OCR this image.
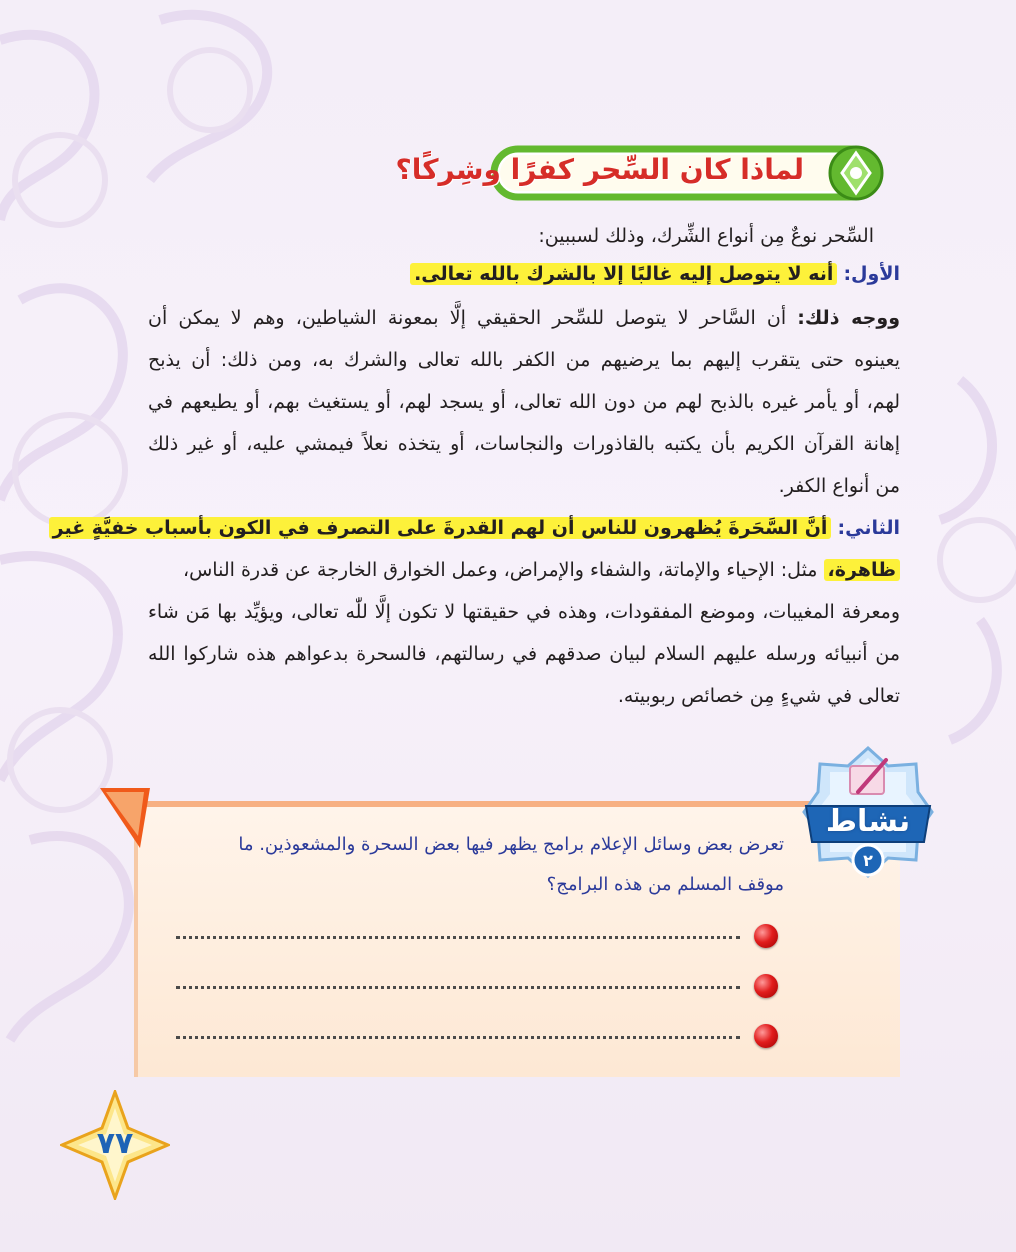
لماذا كان السِّحر كفرًا وشِركًا؟
السِّحر نوعٌ مِن أنواع الشِّرك، وذلك لسببين:
الأول: أنه لا يتوصل إليه غالبًا إلا بالشرك بالله تعالى.
ووجه ذلك: أن السَّاحر لا يتوصل للسِّحر الحقيقي إلَّا بمعونة الشياطين، وهم لا يمكن أن
يعينوه حتى يتقرب إليهم بما يرضيهم من الكفر بالله تعالى والشرك به، ومن ذلك: أن يذبح
لهم، أو يأمر غيره بالذبح لهم من دون الله تعالى، أو يسجد لهم، أو يستغيث بهم، أو يطيعهم في
إهانة القرآن الكريم بأن يكتبه بالقاذورات والنجاسات، أو يتخذه نعلاً فيمشي عليه، أو غير ذلك
من أنواع الكفر.
الثاني: أنَّ السَّحَرةَ يُظهرون للناس أن لهم القدرةَ على التصرف في الكون بأسباب خفيَّةٍ غير
ظاهرة، مثل: الإحياء والإماتة، والشفاء والإمراض، وعمل الخوارق الخارجة عن قدرة الناس،
ومعرفة المغيبات، وموضع المفقودات، وهذه في حقيقتها لا تكون إلَّا للّٰه تعالى، ويؤيِّد بها مَن شاء
من أنبيائه ورسله عليهم السلام لبيان صدقهم في رسالتهم، فالسحرة بدعواهم هذه شاركوا الله
تعالى في شيءٍ مِن خصائص ربوبيته.
تعرض بعض وسائل الإعلام برامج يظهر فيها بعض السحرة والمشعوذين. ما
موقف المسلم من هذه البرامج؟
نشاط
٢
٧٧
